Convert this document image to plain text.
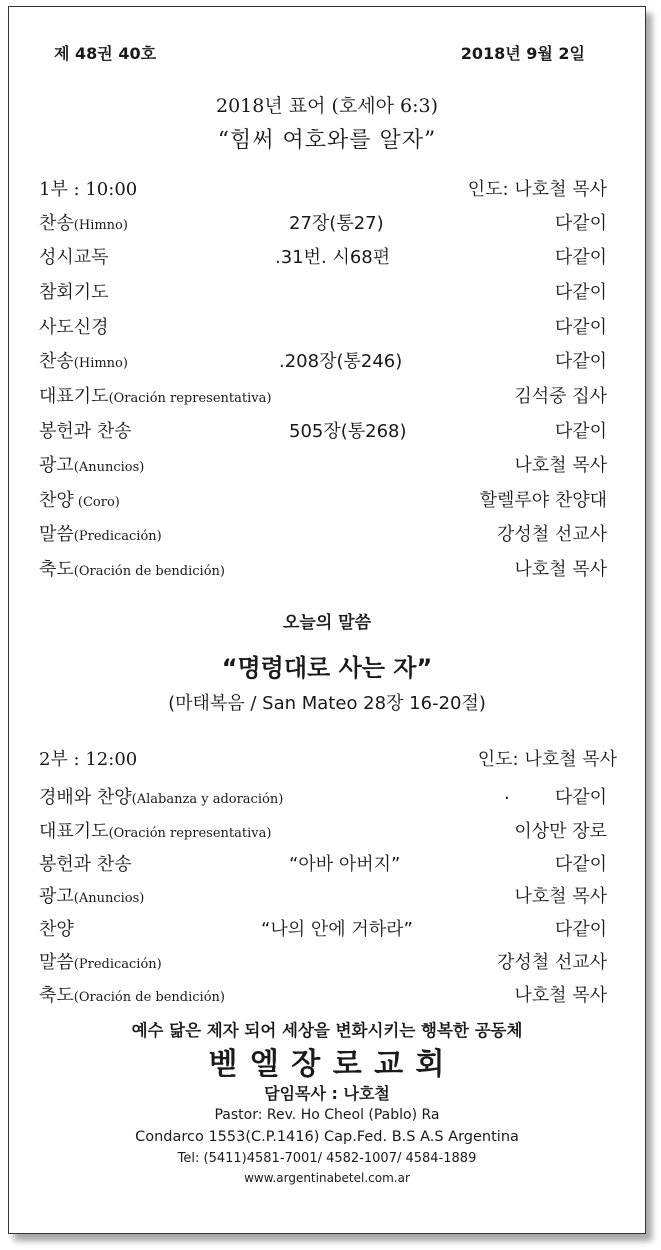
제 48권 40호	2018년 9월 2일
2018년 표어 (호세아 6:3)
“힘써 여호와를 알자”
1부 : 10:00	인도: 나호철 목사
찬송(Himno)	27장(통27)	다같이
성시교독	.31번. 시68편	다같이
참회기도	다같이
사도신경	다같이
찬송(Himno)	.208장(통246)	다같이
대표기도(Oración representativa)	김석중 집사
봉헌과 찬송	505장(통268)	다같이
광고(Anuncios)	나호철 목사
찬양 (Coro)	할렐루야 찬양대
말씀(Predicación)	강성철 선교사
축도(Oración de bendición)	나호철 목사
오늘의 말씀
“명령대로 사는 자”
(마태복음 / San Mateo 28장 16-20절)
2부 : 12:00	인도: 나호철 목사
경배와 찬양(Alabanza y adoración)	.	다같이
대표기도(Oración representativa)	이상만 장로
봉헌과 찬송	“아바 아버지”	다같이
광고(Anuncios)	나호철 목사
찬양	“나의 안에 거하라”	다같이
말씀(Predicación)	강성철 선교사
축도(Oración de bendición)	나호철 목사
예수 닮은 제자 되어 세상을 변화시키는 행복한 공동체
벧 엘 장 로 교 회
담임목사 : 나호철
Pastor: Rev. Ho Cheol (Pablo) Ra
Condarco 1553(C.P.1416) Cap.Fed. B.S A.S Argentina
Tel: (5411)4581-7001/ 4582-1007/ 4584-1889
www.argentinabetel.com.ar
